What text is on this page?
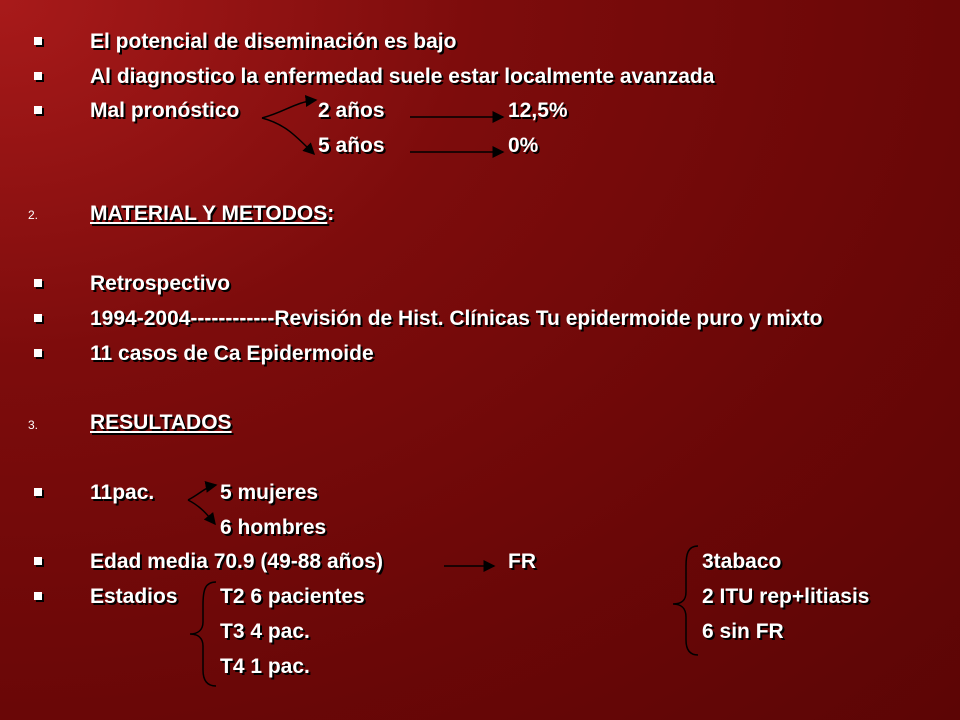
El potencial de diseminación es bajo
Al diagnostico la enfermedad suele estar localmente avanzada
Mal pronóstico	2 años	12,5%
5 años	0%
2. MATERIAL Y METODOS:
Retrospectivo
1994-2004------------Revisión de Hist. Clínicas Tu epidermoide puro y mixto
11 casos de Ca Epidermoide
3. RESULTADOS
11pac.	5 mujeres
6 hombres
Edad media 70.9 (49-88 años)	FR	3tabaco
Estadios T2 6 pacientes	2 ITU rep+litiasis
T3 4 pac.	6 sin FR
T4 1 pac.
